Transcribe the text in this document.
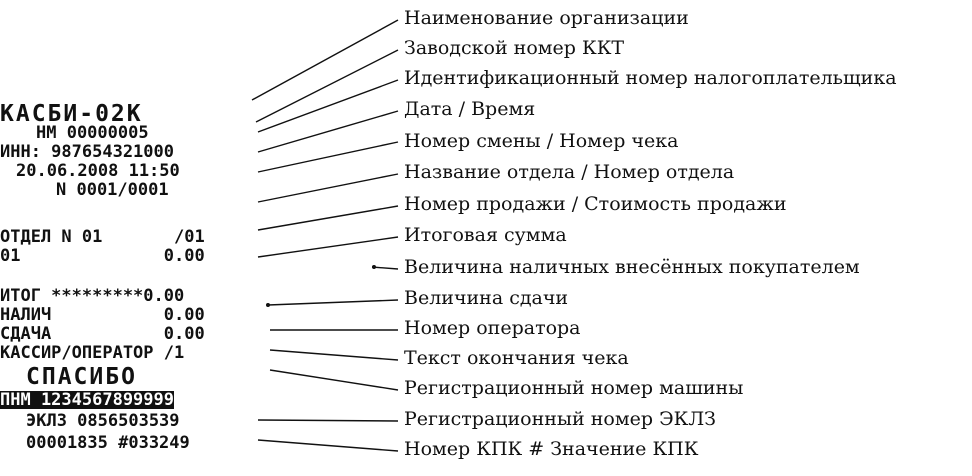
КАСБИ-02К
НМ 00000005
ИНН: 987654321000
20.06.2008 11:50
N 0001/0001
ОТДЕЛ N 01       /01
01              0.00
ИТОГ *********0.00
НАЛИЧ           0.00
СДАЧА           0.00
КАССИР/ОПЕРАТОР /1
СПАСИБО
ПНМ 1234567899999
ЭКЛЗ 0856503539
00001835 #033249
Наименование организации
Заводской номер ККТ
Идентификационный номер налогоплательщика
Дата / Время
Номер смены / Номер чека
Название отдела / Номер отдела
Номер продажи / Стоимость продажи
Итоговая сумма
Величина наличных внесённых покупателем
Величина сдачи
Номер оператора
Текст окончания чека
Регистрационный номер машины
Регистрационный номер ЭКЛЗ
Номер КПК # Значение КПК
